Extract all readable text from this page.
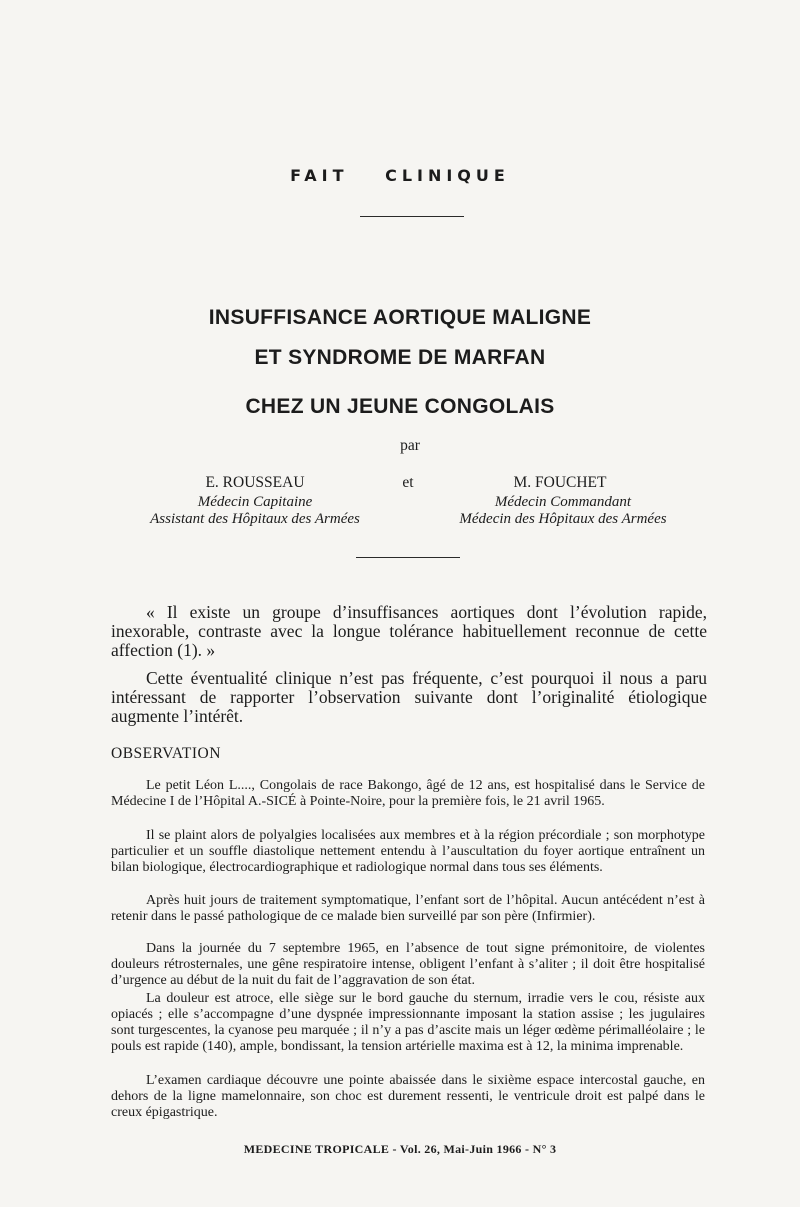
FAIT CLINIQUE
INSUFFISANCE AORTIQUE MALIGNE
ET SYNDROME DE MARFAN
CHEZ UN JEUNE CONGOLAIS
par
E. ROUSSEAU	et	M. FOUCHET
Médecin Capitaine
Assistant des Hôpitaux des Armées
Médecin Commandant
Médecin des Hôpitaux des Armées

« Il existe un groupe d’insuffisances aortiques dont l’évolution rapide, inexorable, contraste avec la longue tolérance habituellement reconnue de cette affection (1). »

Cette éventualité clinique n’est pas fréquente, c’est pourquoi il nous a paru intéressant de rapporter l’observation suivante dont l’originalité étiologique augmente l’intérêt.

OBSERVATION

Le petit Léon L...., Congolais de race Bakongo, âgé de 12 ans, est hospitalisé dans le Service de Médecine I de l’Hôpital A.-SICÉ à Pointe-Noire, pour la première fois, le 21 avril 1965.

Il se plaint alors de polyalgies localisées aux membres et à la région précordiale ; son morphotype particulier et un souffle diastolique nettement entendu à l’auscultation du foyer aortique entraînent un bilan biologique, électrocardiographique et radiologique normal dans tous ses éléments.

Après huit jours de traitement symptomatique, l’enfant sort de l’hôpital. Aucun antécédent n’est à retenir dans le passé pathologique de ce malade bien surveillé par son père (Infirmier).

Dans la journée du 7 septembre 1965, en l’absence de tout signe prémonitoire, de violentes douleurs rétrosternales, une gêne respiratoire intense, obligent l’enfant à s’aliter ; il doit être hospitalisé d’urgence au début de la nuit du fait de l’aggravation de son état.

La douleur est atroce, elle siège sur le bord gauche du sternum, irradie vers le cou, résiste aux opiacés ; elle s’accompagne d’une dyspnée impressionnante imposant la station assise ; les jugulaires sont turgescentes, la cyanose peu marquée ; il n’y a pas d’ascite mais un léger œdème périmalléolaire ; le pouls est rapide (140), ample, bondissant, la tension artérielle maxima est à 12, la minima imprenable.

L’examen cardiaque découvre une pointe abaissée dans le sixième espace intercostal gauche, en dehors de la ligne mamelonnaire, son choc est durement ressenti, le ventricule droit est palpé dans le creux épigastrique.

MEDECINE TROPICALE - Vol. 26, Mai-Juin 1966 - N° 3
